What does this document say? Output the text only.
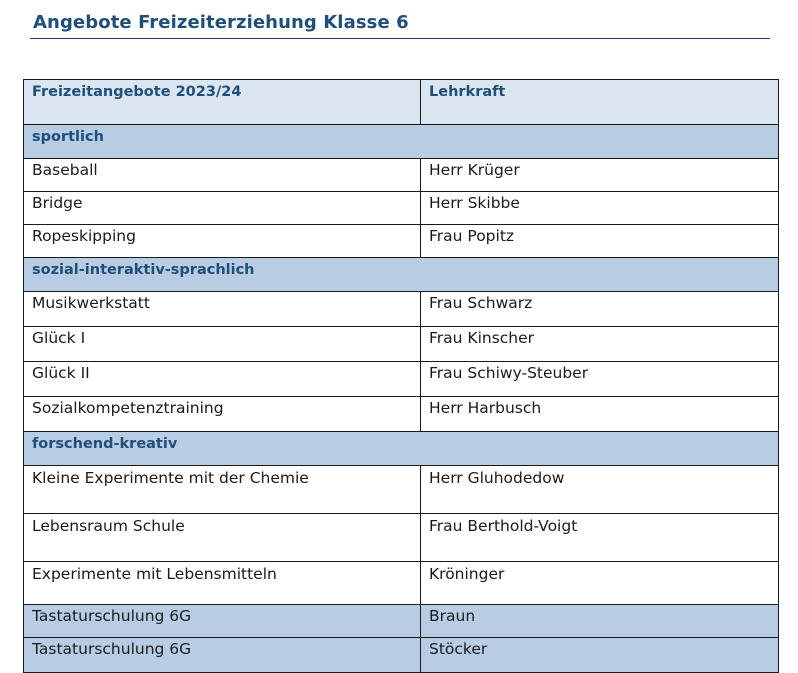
Angebote Freizeiterziehung Klasse 6
Freizeitangebote 2023/24	Lehrkraft
sportlich	
Baseball	Herr Krüger
Bridge	Herr Skibbe
Ropeskipping	Frau Popitz
sozial-interaktiv-sprachlich	
Musikwerkstatt	Frau Schwarz
Glück I	Frau Kinscher
Glück II	Frau Schiwy-Steuber
Sozialkompetenztraining	Herr Harbusch
forschend-kreativ	
Kleine Experimente mit der Chemie	Herr Gluhodedow
Lebensraum Schule	Frau Berthold-Voigt
Experimente mit Lebensmitteln	Kröninger
Tastaturschulung 6G	Braun
Tastaturschulung 6G	Stöcker
